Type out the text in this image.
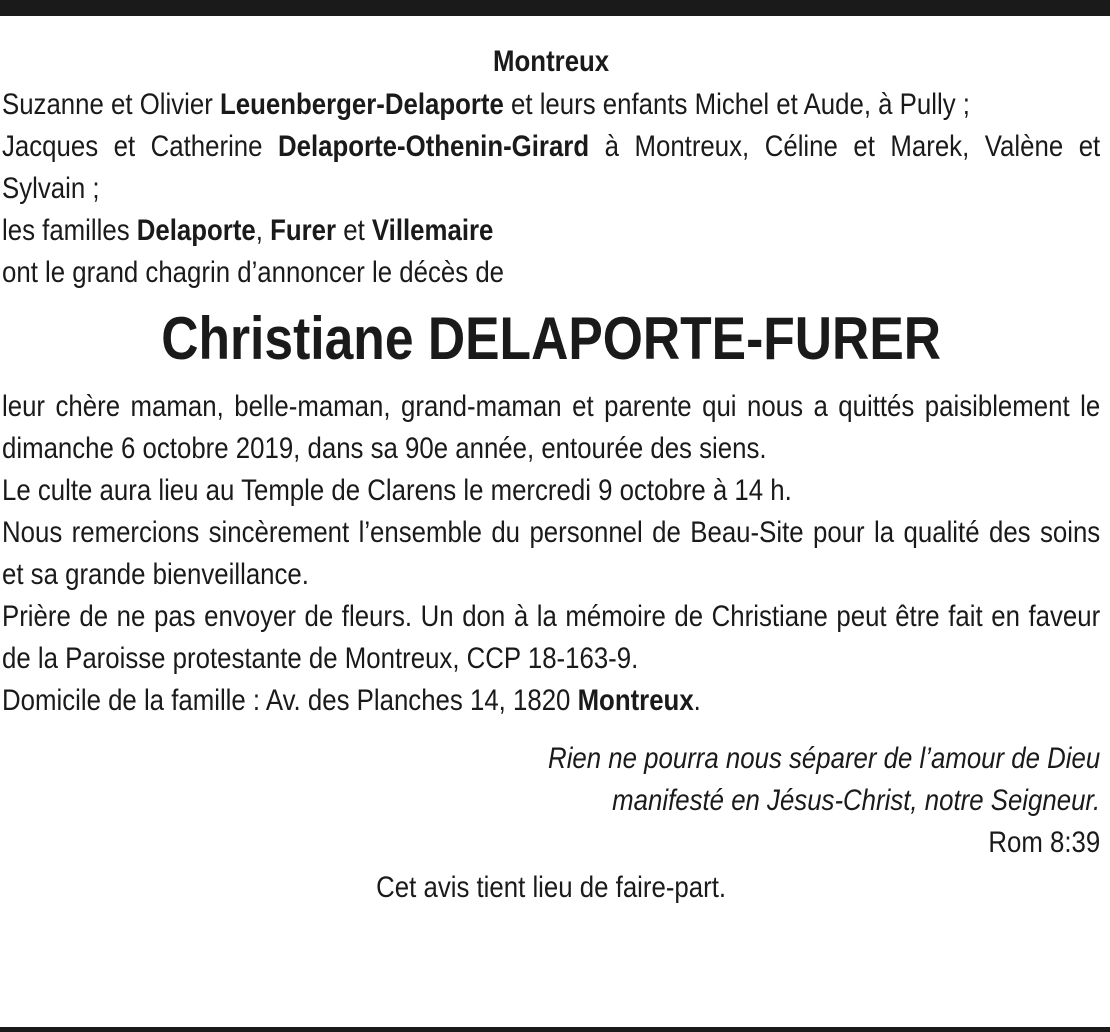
Montreux

Suzanne et Olivier Leuenberger-Delaporte et leurs enfants Michel et Aude, à Pully ;

Jacques et Catherine Delaporte-Othenin-Girard à Montreux, Céline et Marek, Valène et Sylvain ;

les familles Delaporte, Furer et Villemaire

ont le grand chagrin d’annoncer le décès de

Christiane DELAPORTE-FURER

leur chère maman, belle-maman, grand-maman et parente qui nous a quittés paisiblement le dimanche 6 octobre 2019, dans sa 90e année, entourée des siens.

Le culte aura lieu au Temple de Clarens le mercredi 9 octobre à 14 h.

Nous remercions sincèrement l’ensemble du personnel de Beau-Site pour la qualité des soins et sa grande bienveillance.

Prière de ne pas envoyer de fleurs. Un don à la mémoire de Christiane peut être fait en faveur de la Paroisse protestante de Montreux, CCP 18-163-9.

Domicile de la famille : Av. des Planches 14, 1820 Montreux.

Rien ne pourra nous séparer de l’amour de Dieu
manifesté en Jésus-Christ, notre Seigneur.

Rom 8:39

Cet avis tient lieu de faire-part.
